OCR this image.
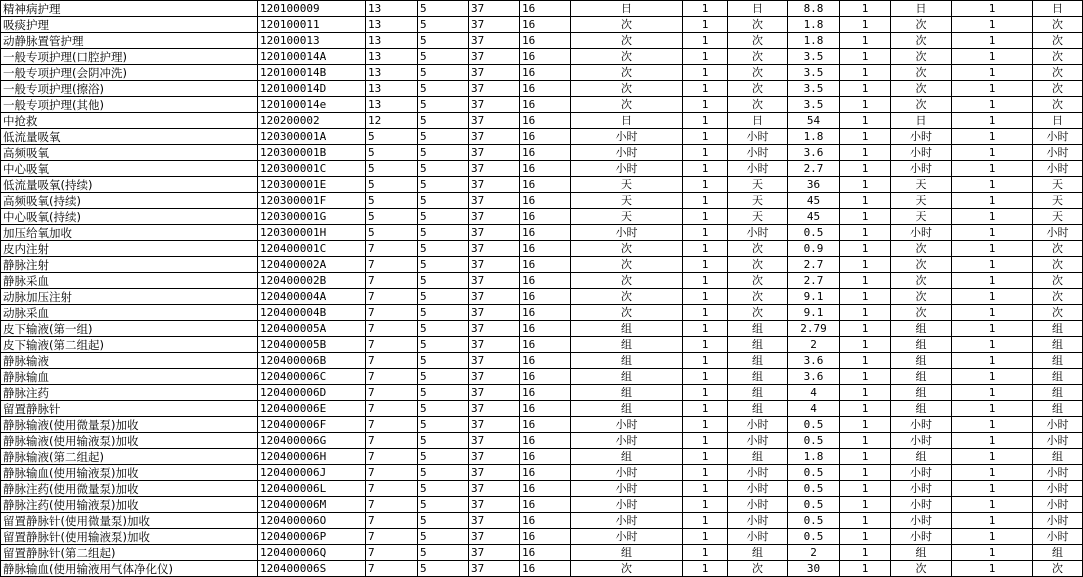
精神病护理	120100009	13	5	37	16	日	1	日	8.8	1	日	1	日
吸痰护理	120100011	13	5	37	16	次	1	次	1.8	1	次	1	次
动静脉置管护理	120100013	13	5	37	16	次	1	次	1.8	1	次	1	次
一般专项护理(口腔护理)	120100014A	13	5	37	16	次	1	次	3.5	1	次	1	次
一般专项护理(会阴冲洗)	120100014B	13	5	37	16	次	1	次	3.5	1	次	1	次
一般专项护理(擦浴)	120100014D	13	5	37	16	次	1	次	3.5	1	次	1	次
一般专项护理(其他)	120100014e	13	5	37	16	次	1	次	3.5	1	次	1	次
中抢救	120200002	12	5	37	16	日	1	日	54	1	日	1	日
低流量吸氧	120300001A	5	5	37	16	小时	1	小时	1.8	1	小时	1	小时
高频吸氧	120300001B	5	5	37	16	小时	1	小时	3.6	1	小时	1	小时
中心吸氧	120300001C	5	5	37	16	小时	1	小时	2.7	1	小时	1	小时
低流量吸氧(持续)	120300001E	5	5	37	16	天	1	天	36	1	天	1	天
高频吸氧(持续)	120300001F	5	5	37	16	天	1	天	45	1	天	1	天
中心吸氧(持续)	120300001G	5	5	37	16	天	1	天	45	1	天	1	天
加压给氧加收	120300001H	5	5	37	16	小时	1	小时	0.5	1	小时	1	小时
皮内注射	120400001C	7	5	37	16	次	1	次	0.9	1	次	1	次
静脉注射	120400002A	7	5	37	16	次	1	次	2.7	1	次	1	次
静脉采血	120400002B	7	5	37	16	次	1	次	2.7	1	次	1	次
动脉加压注射	120400004A	7	5	37	16	次	1	次	9.1	1	次	1	次
动脉采血	120400004B	7	5	37	16	次	1	次	9.1	1	次	1	次
皮下输液(第一组)	120400005A	7	5	37	16	组	1	组	2.79	1	组	1	组
皮下输液(第二组起)	120400005B	7	5	37	16	组	1	组	2	1	组	1	组
静脉输液	120400006B	7	5	37	16	组	1	组	3.6	1	组	1	组
静脉输血	120400006C	7	5	37	16	组	1	组	3.6	1	组	1	组
静脉注药	120400006D	7	5	37	16	组	1	组	4	1	组	1	组
留置静脉针	120400006E	7	5	37	16	组	1	组	4	1	组	1	组
静脉输液(使用微量泵)加收	120400006F	7	5	37	16	小时	1	小时	0.5	1	小时	1	小时
静脉输液(使用输液泵)加收	120400006G	7	5	37	16	小时	1	小时	0.5	1	小时	1	小时
静脉输液(第二组起)	120400006H	7	5	37	16	组	1	组	1.8	1	组	1	组
静脉输血(使用输液泵)加收	120400006J	7	5	37	16	小时	1	小时	0.5	1	小时	1	小时
静脉注药(使用微量泵)加收	120400006L	7	5	37	16	小时	1	小时	0.5	1	小时	1	小时
静脉注药(使用输液泵)加收	120400006M	7	5	37	16	小时	1	小时	0.5	1	小时	1	小时
留置静脉针(使用微量泵)加收	120400006O	7	5	37	16	小时	1	小时	0.5	1	小时	1	小时
留置静脉针(使用输液泵)加收	120400006P	7	5	37	16	小时	1	小时	0.5	1	小时	1	小时
留置静脉针(第二组起)	120400006Q	7	5	37	16	组	1	组	2	1	组	1	组
静脉输血(使用输液用气体净化仪)	120400006S	7	5	37	16	次	1	次	30	1	次	1	次
